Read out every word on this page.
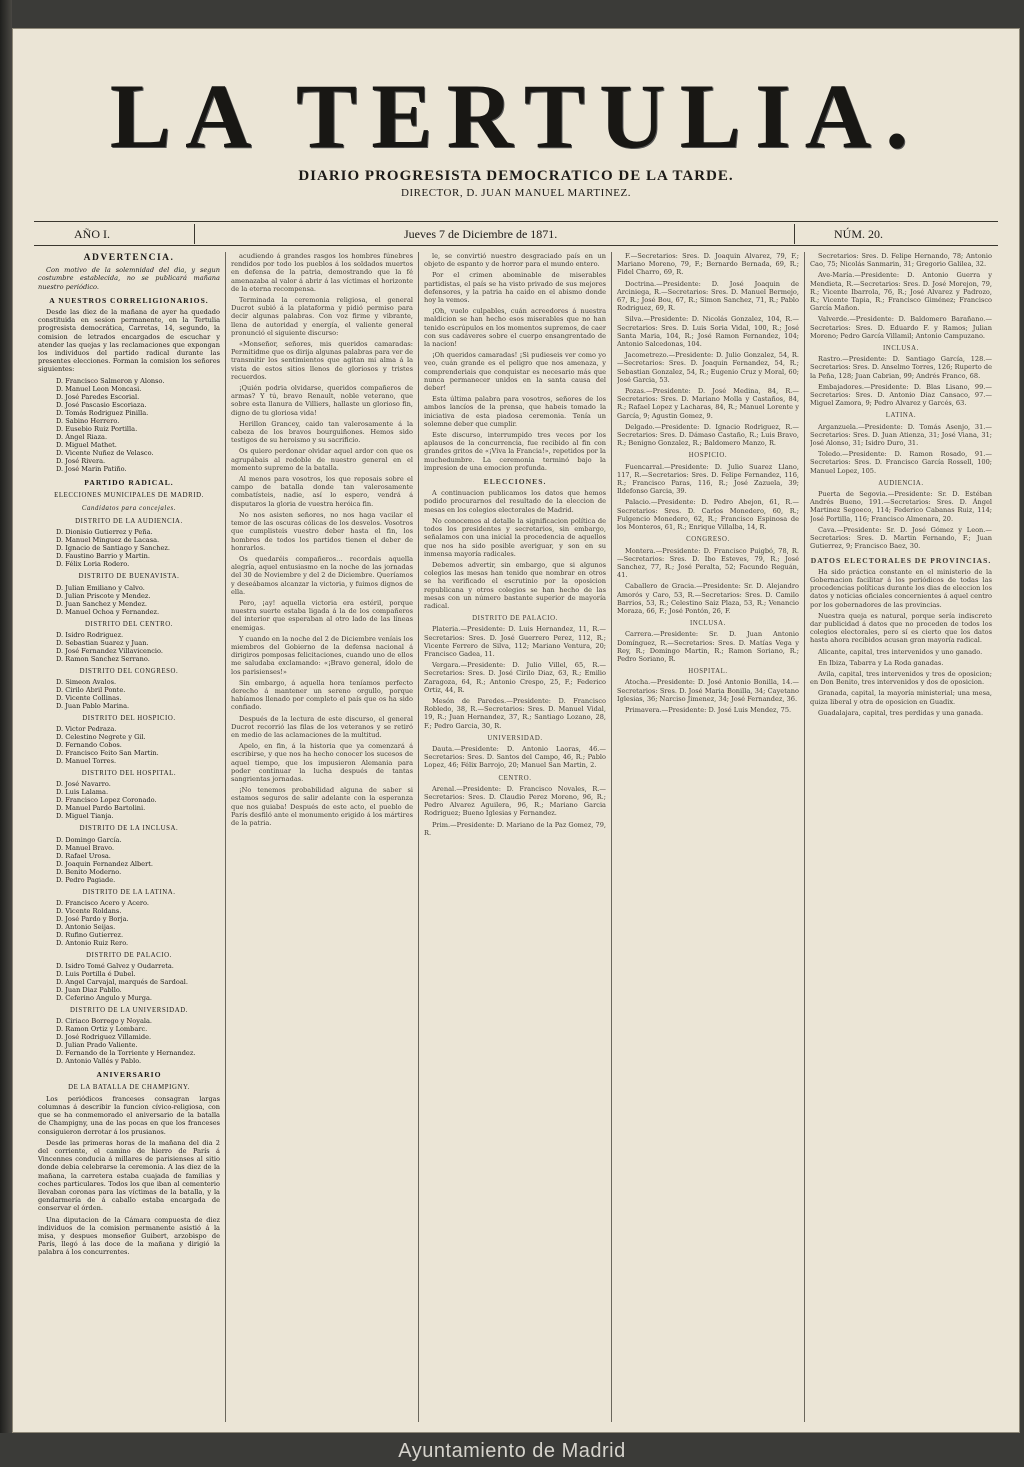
LA TERTULIA.
DIARIO PROGRESISTA DEMOCRATICO DE LA TARDE.
DIRECTOR, D. JUAN MANUEL MARTINEZ.
AÑO I.	Jueves 7 de Diciembre de 1871.	NÚM. 20.
ADVERTENCIA.

Con motivo de la solemnidad del dia, y segun costumbre establecida, no se publicará mañana nuestro periódico.

A NUESTROS CORRELIGIONARIOS.

Desde las diez de la mañana de ayer ha quedado constituida en sesion permanente, en la Tertulia progresista democrática, Carretas, 14, segundo, la comision de letrados encargados de escuchar y atender las quejas y las reclamaciones que expongan los individuos del partido radical durante las presentes elecciones. Forman la comision los señores siguientes:

D. Francisco Salmeron y Alonso.
D. Manuel Leon Moncasi.
D. José Paredes Escorial.
D. José Pascasio Escoriaza.
D. Tomás Rodriguez Pinilla.
D. Sabino Herrero.
D. Eusebio Ruiz Portilla.
D. Ángel Riaza.
D. Miguel Mathet.
D. Vicente Nuñez de Velasco.
D. José Rivera.
D. José Marin Patiño.
PARTIDO RADICAL.
ELECCIONES MUNICIPALES DE MADRID.
Candidatos para concejales.
DISTRITO DE LA AUDIENCIA.
D. Dionisio Gutierrez y Peña.
D. Manuel Minguez de Lacasa.
D. Ignacio de Santiago y Sanchez.
D. Faustino Barrio y Martin.
D. Félix Loria Rodero.
DISTRITO DE BUENAVISTA.
D. Julian Emiliano y Calvo.
D. Julian Priscote y Mendez.
D. Juan Sanchez y Mendez.
D. Manuel Ochoa y Fernandez.
DISTRITO DEL CENTRO.
D. Isidro Rodriguez.
D. Sebastian Suarez y Juan.
D. José Fernandez Villavicencio.
D. Ramon Sanchez Serrano.
DISTRITO DEL CONGRESO.
D. Simeon Avalos.
D. Cirilo Abril Ponte.
D. Vicente Collinas.
D. Juan Pablo Marina.
DISTRITO DEL HOSPICIO.
D. Victor Pedraza.
D. Celestino Negrete y Gil.
D. Fernando Cobos.
D. Francisco Feito San Martin.
D. Manuel Torres.
DISTRITO DEL HOSPITAL.
D. José Navarro.
D. Luis Lalama.
D. Francisco Lopez Coronado.
D. Manuel Pardo Bartolini.
D. Miguel Tianja.
DISTRITO DE LA INCLUSA.
D. Domingo García.
D. Manuel Bravo.
D. Rafael Urosa.
D. Joaquin Fernandez Albert.
D. Benito Moderno.
D. Pedro Pagiade.
DISTRITO DE LA LATINA.
D. Francisco Acero y Acero.
D. Vicente Roldans.
D. José Pardo y Borja.
D. Antonio Seijas.
D. Rufino Gutierrez.
D. Antonio Ruiz Rero.
DISTRITO DE PALACIO.
D. Isidro Tomé Galvez y Oudarreta.
D. Luis Portilla é Dubel.
D. Angel Carvajal, marqués de Sardoal.
D. Juan Diaz Pabllo.
D. Ceferino Angulo y Murga.
DISTRITO DE LA UNIVERSIDAD.
D. Ciriaco Borrego y Noyala.
D. Ramon Ortiz y Lombarc.
D. José Rodriguez Villamide.
D. Julian Prado Valiente.
D. Fernando de la Torriente y Hernandez.
D. Antonio Vallés y Pablo.
ANIVERSARIO
DE LA BATALLA DE CHAMPIGNY.

Los periódicos franceses consagran largas columnas á describir la funcion cívico-religiosa, con que se ha conmemorado el aniversario de la batalla de Champigny, una de las pocas en que los franceses consiguieron derrotar á los prusianos.

Desde las primeras horas de la mañana del dia 2 del corriente, el camino de hierro de París á Vincennes conducia á millares de parisienses al sitio donde debia celebrarse la ceremonia. A las diez de la mañana, la carretera estaba cuajada de familias y coches particulares. Todos los que iban al cementerio llevaban coronas para las víctimas de la batalla, y la gendarmería de á caballo estaba encargada de conservar el órden.

Una diputacion de la Cámara compuesta de diez individuos de la comision permanente asistió á la misa, y despues monseñor Guibert, arzobispo de París, llegó á las doce de la mañana y dirigió la palabra á los concurrentes.

acudiendo á grandes rasgos los hombres fúnebres rendidos por todo los pueblos á los soldados muertos en defensa de la patria, demostrando que la fé amenazaba al valor á abrir á las víctimas el horizonte de la eterna recompensa.

Terminada la ceremonia religiosa, el general Ducrot subió á la plataforma y pidió permiso para decir algunas palabras. Con voz firme y vibrante, llena de autoridad y energía, el valiente general pronunció el siguiente discurso:

«Monseñor, señores, mis queridos camaradas: Permitidme que os dirija algunas palabras para ver de transmitir los sentimientos que agitan mi alma á la vista de estos sitios llenos de gloriosos y tristes recuerdos.

¡Quién podria olvidarse, queridos compañeros de armas? Y tú, bravo Renault, noble veterano, que sobre esta llanura de Villiers, hallaste un glorioso fin, digno de tu gloriosa vida!

Herillon Grancey, caido tan valerosamente á la cabeza de los bravos bourguiñones. Hemos sido testigos de su heroismo y su sacrificio.

Os quiero perdonar olvidar aquel ardor con que os agrupábais al redoble de nuestro general en el momento supremo de la batalla.

Al menos para vosotros, los que reposais sobre el campo de batalla donde tan valerosamente combatísteis, nadie, así lo espero, vendrá á disputaros la gloria de vuestra heróica fin.

No nos asisten señores, no nos haga vacilar el temor de las oscuras cólicas de los desvelos. Vosotros que cumplisteis vuestro deber hasta el fin, los hombres de todos los partidos tienen el deber de honrarlos.

Os quedaréis compañeros... recordais aquella alegría, aquel entusiasmo en la noche de las jornadas del 30 de Noviembre y del 2 de Diciembre. Queríamos y deseábamos alcanzar la victoria, y fuimos dignos de ella.

Pero, ¡ay! aquella victoria era estéril, porque nuestra suerte estaba ligada á la de los compañeros del interior que esperaban al otro lado de las líneas enemigas.

Y cuando en la noche del 2 de Diciembre veníais los miembros del Gobierno de la defensa nacional á dirigiros pomposas felicitaciones, cuando uno de ellos me saludaba exclamando: «¡Bravo general, ídolo de los parisienses!»

Sin embargo, á aquella hora teníamos perfecto derecho á mantener un sereno orgullo, porque habíamos llenado por completo el país que os ha sido confiado.

Después de la lectura de este discurso, el general Ducrot recorrió las filas de los veteranos y se retiró en medio de las aclamaciones de la multitud.

Apelo, en fin, á la historia que ya comenzará á escribirse, y que nos ha hecho conocer los sucesos de aquel tiempo, que los impusieron Alemania para poder continuar la lucha después de tantas sangrientas jornadas.

¡No tenemos probabilidad alguna de saber si estamos seguros de salir adelante con la esperanza que nos guiaba! Después de este acto, el pueblo de París desfiló ante el monumento erigido á los mártires de la patria.

le, se convirtió nuestro desgraciado país en un objeto de espanto y de horror para el mundo entero.

Por el crimen abominable de miserables partidistas, el país se ha visto privado de sus mejores defensores, y la patria ha caido en el abismo donde hoy la vemos.

¡Oh, vuelo culpables, cuán acreedores á nuestra maldicion se han hecho esos miserables que no han tenido escrúpulos en los momentos supremos, de caer con sus cadáveres sobre el cuerpo ensangrentado de la nacion!

¡Oh queridos camaradas! ¡Si pudieseis ver como yo veo, cuán grande es el peligro que nos amenaza, y comprenderiais que conquistar es necesario más que nunca permanecer unidos en la santa causa del deber!

Esta última palabra para vosotros, señores de los ambos lancíos de la prensa, que habeis tomado la iniciativa de esta piadosa ceremonia. Tenía un solemne deber que cumplir.

Este discurso, interrumpido tres veces por los aplausos de la concurrencia, fue recibido al fin con grandes gritos de «¡Viva la Francia!», repetidos por la muchedumbre. La ceremonia terminó bajo la impresion de una emocion profunda.

ELECCIONES.

A continuacion publicamos los datos que hemos podido procurarnos del resultado de la eleccion de mesas en los colegios electorales de Madrid.

No conocemos al detalle la significacion política de todos los presidentes y secretarios, sin embargo, señalamos con una inicial la procedencia de aquellos que nos ha sido posible averiguar, y son en su inmensa mayoría radicales.

Debemos advertir, sin embargo, que si algunos colegios las mesas han tenido que nombrar en otros se ha verificado el escrutinio por la oposicion republicana y otros colegios se han hecho de las mesas con un número bastante superior de mayoría radical.

DISTRITO DE PALACIO.

Plateria.—Presidente: D. Luis Hernandez, 11, R.—Secretarios: Sres. D. José Guerrero Perez, 112, R.; Vicente Ferrero de Silva, 112; Mariano Ventura, 20; Francisco Gadea, 11.

Vergara.—Presidente: D. Julio Villel, 65, R.—Secretarios: Sres. D. José Cirilo Diaz, 63, R.; Emilio Zaragoza, 64, R.; Antonio Crespo, 25, F.; Federico Ortiz, 44, R.

Mesón de Paredes.—Presidente: D. Francisco Robledo, 38, R.—Secretarios: Sres. D. Manuel Vidal, 19, R.; Juan Hernandez, 37, R.; Santiago Lozano, 28, F.; Pedro Garcia, 30, R.

UNIVERSIDAD.

Dauta.—Presidente: D. Antonio Laoras, 46.—Secretarios: Sres. D. Santos del Campo, 46, R.; Pablo Lopez, 46; Félix Barrojo, 20; Manuel San Martin, 2.

CENTRO.

Arenal.—Presidente: D. Francisco Novales, R.—Secretarios: Sres. D. Claudio Perez Moreno, 96, R.; Pedro Alvarez Aguilera, 96, R.; Mariano Garcia Rodriguez; Bueno Iglesias y Fernandez.

Prim.—Presidente: D. Mariano de la Paz Gomez, 79, R.

F.—Secretarios: Sres. D. Joaquin Alvarez, 79, F.; Mariano Moreno, 79, F.; Bernardo Bernada, 69, R.; Fidel Charro, 69, R.

Doctrina.—Presidente: D. José Joaquin de Arciniega, R.—Secretarios: Sres. D. Manuel Bermejo, 67, R.; José Bou, 67, R.; Simon Sanchez, 71, R.; Pablo Rodriguez, 69, R.

Silva.—Presidente: D. Nicolás Gonzalez, 104, R.—Secretarios: Sres. D. Luis Soria Vidal, 100, R.; José Santa Maria, 104, R.; José Ramon Fernandez, 104; Antonio Salcedonas, 104.

Jacometrezo.—Presidente: D. Julio Gonzalez, 54, R.—Secretarios: Sres. D. Joaquin Fernandez, 54, R.; Sebastian Gonzalez, 54, R.; Eugenio Cruz y Moral, 60; José Garcia, 53.

Pozas.—Presidente: D. José Medina, 84, R.—Secretarios: Sres. D. Mariano Molla y Castaños, 84, R.; Rafael Lopez y Lacharas, 84, R.; Manuel Lorente y García, 9; Agustin Gomez, 9.

Delgado.—Presidente: D. Ignacio Rodriguez, R.—Secretarios: Sres. D. Dámaso Castaño, R.; Luis Bravo, R.; Benigno Gonzalez, R.; Baldomero Manzo, R.

HOSPICIO.

Fuencarral.—Presidente: D. Julio Suarez Llano, 117, R.—Secretarios: Sres. D. Felipe Fernandez, 116, R.; Francisco Paras, 116, R.; José Zazuela, 39; Ildefonso Garcia, 39.

Palacio.—Presidente: D. Pedro Abejon, 61, R.—Secretarios: Sres. D. Carlos Monedero, 60, R.; Fulgencio Monedero, 62, R.; Francisco Espinosa de los Monteros, 61, R.; Enrique Villalba, 14, R.

CONGRESO.

Montera.—Presidente: D. Francisco Puigbó, 78, R.—Secretarios: Sres. D. Ibo Esteves, 79, R.; José Sanchez, 77, R.; José Peralta, 52; Facundo Reguán, 41.

Caballero de Gracia.—Presidente: Sr. D. Alejandro Amorós y Caro, 53, R.—Secretarios: Sres. D. Camilo Barrios, 53, R.; Celestino Saiz Plaza, 53, R.; Venancio Moraza, 66, F.; José Pontón, 26, F.

INCLUSA.

Carrera.—Presidente: Sr. D. Juan Antonio Domínguez, R.—Secretarios: Sres. D. Matías Vega y Rey, R.; Domingo Martin, R.; Ramon Soriano, R.; Pedro Soriano, R.

HOSPITAL.

Atocha.—Presidente: D. José Antonio Bonilla, 14.—Secretarios: Sres. D. José Maria Bonilla, 34; Cayetano Iglesias, 36; Narciso Jimenez, 34; José Fernandez, 36.

Primavera.—Presidente: D. José Luis Mendez, 75.

Secretarios: Sres. D. Felipe Hernando, 78; Antonio Cao, 75; Nicolás Sanmarin, 31; Gregorio Galilea, 32.

Ave-María.—Presidente: D. Antonio Guerra y Mendieta, R.—Secretarios: Sres. D. José Morejon, 79, R.; Vicente Ibarrola, 76, R.; José Alvarez y Padrozo, R.; Vicente Tapia, R.; Francisco Giménez; Francisco García Mañon.

Valverde.—Presidente: D. Baldomero Barañano.—Secretarios: Sres. D. Eduardo F. y Ramos; Julian Moreno; Pedro García Villamil; Antonio Campuzano.

INCLUSA.

Rastro.—Presidente: D. Santiago García, 128.—Secretarios: Sres. D. Anselmo Torres, 126; Ruperto de la Peña, 128; Juan Cabrian, 99; Andrés Franco, 68.

Embajadores.—Presidente: D. Blas Lisano, 99.—Secretarios: Sres. D. Antonio Diaz Cansaco, 97.—Miguel Zamora, 9; Pedro Alvarez y Garcés, 63.

LATINA.

Arganzuela.—Presidente: D. Tomás Asenjo, 31.—Secretarios: Sres. D. Juan Atienza, 31; José Viana, 31; José Alonso, 31; Isidro Duro, 31.

Toledo.—Presidente: D. Ramon Rosado, 91.—Secretarios: Sres. D. Francisco García Rossell, 100; Manuel Lopez, 105.

AUDIENCIA.

Puerta de Segovia.—Presidente: Sr. D. Estéban Andrés Bueno, 191.—Secretarios: Sres. D. Ángel Martinez Segoeco, 114; Federico Cabanas Ruiz, 114; José Portilla, 116; Francisco Almenara, 20.

Cava.—Presidente: Sr. D. José Gómez y Leon.—Secretarios: Sres. D. Martin Fernando, F.; Juan Gutierrez, 9; Francisco Baez, 30.

DATOS ELECTORALES DE PROVINCIAS.

Ha sido práctica constante en el ministerio de la Gobernacion facilitar á los periódicos de todas las procedencias políticas durante los dias de eleccion los datos y noticias oficiales concernientes á aquel centro por los gobernadores de las provincias.

Nuestra queja es natural, porque sería indiscreto dar publicidad á datos que no proceden de todos los colegios electorales, pero sí es cierto que los datos hasta ahora recibidos acusan gran mayoría radical.

Alicante, capital, tres intervenidos y uno ganado.

En Ibiza, Tabarra y La Roda ganadas.

Avila, capital, tres intervenidos y tres de oposicion; en Don Benito, tres intervenidos y dos de oposicion.

Granada, capital, la mayoría ministerial; una mesa, quiza liberal y otra de oposicion en Guadix.

Guadalajara, capital, tres perdidas y una ganada.

Ayuntamiento de Madrid
